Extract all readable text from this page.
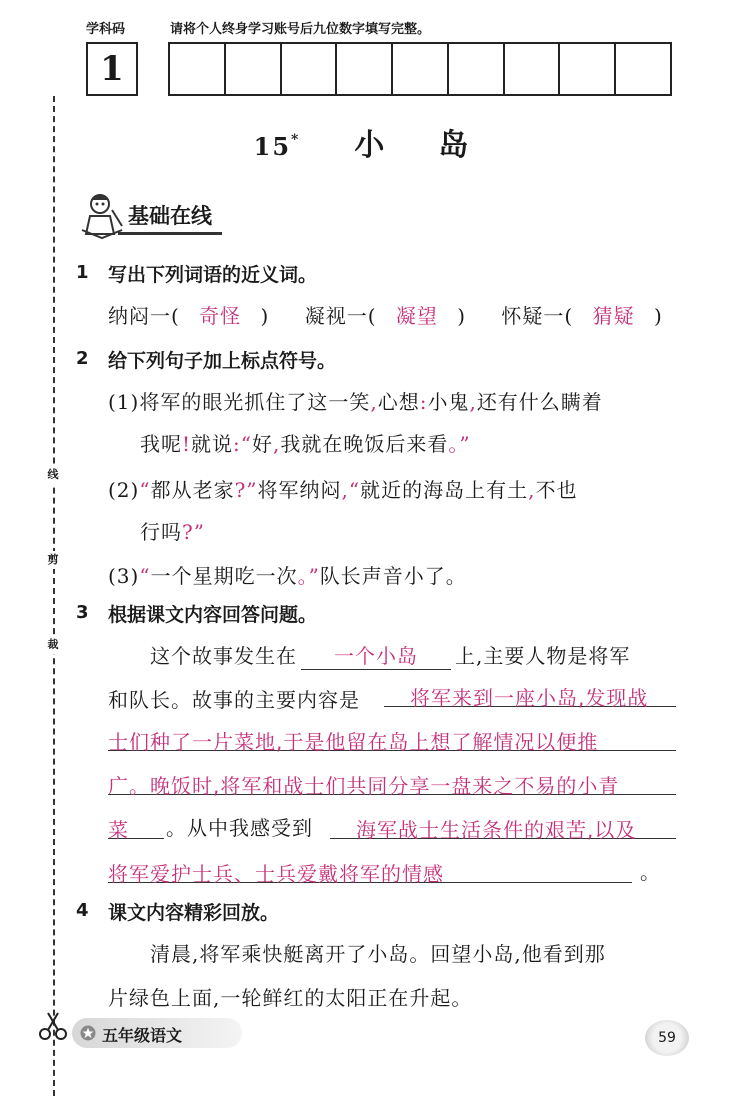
学科码	请将个人终身学习账号后九位数字填写完整。
1
线
剪
裁
15* 小 岛
基础在线
1 写出下列词语的近义词。
纳闷一( 奇怪 ) 凝视一( 凝望 ) 怀疑一( 猜疑 )
2 给下列句子加上标点符号。
(1)将军的眼光抓住了这一笑,心想:小鬼,还有什么瞒着
我呢!就说:“好,我就在晚饭后来看。”
(2)“都从老家?”将军纳闷,“就近的海岛上有土,不也
行吗?”
(3)“一个星期吃一次。”队长声音小了。
3 根据课文内容回答问题。
这个故事发生在 一个小岛 上,主要人物是将军
和队长。故事的主要内容是	将军来到一座小岛,发现战
士们种了一片菜地,于是他留在岛上想了解情况以便推
广。晚饭时,将军和战士们共同分享一盘来之不易的小青
菜 。从中我感受到 海军战士生活条件的艰苦,以及
将军爱护士兵、士兵爱戴将军的情感	。
4 课文内容精彩回放。
清晨,将军乘快艇离开了小岛。回望小岛,他看到那
片绿色上面,一轮鲜红的太阳正在升起。
五年级语文	59
